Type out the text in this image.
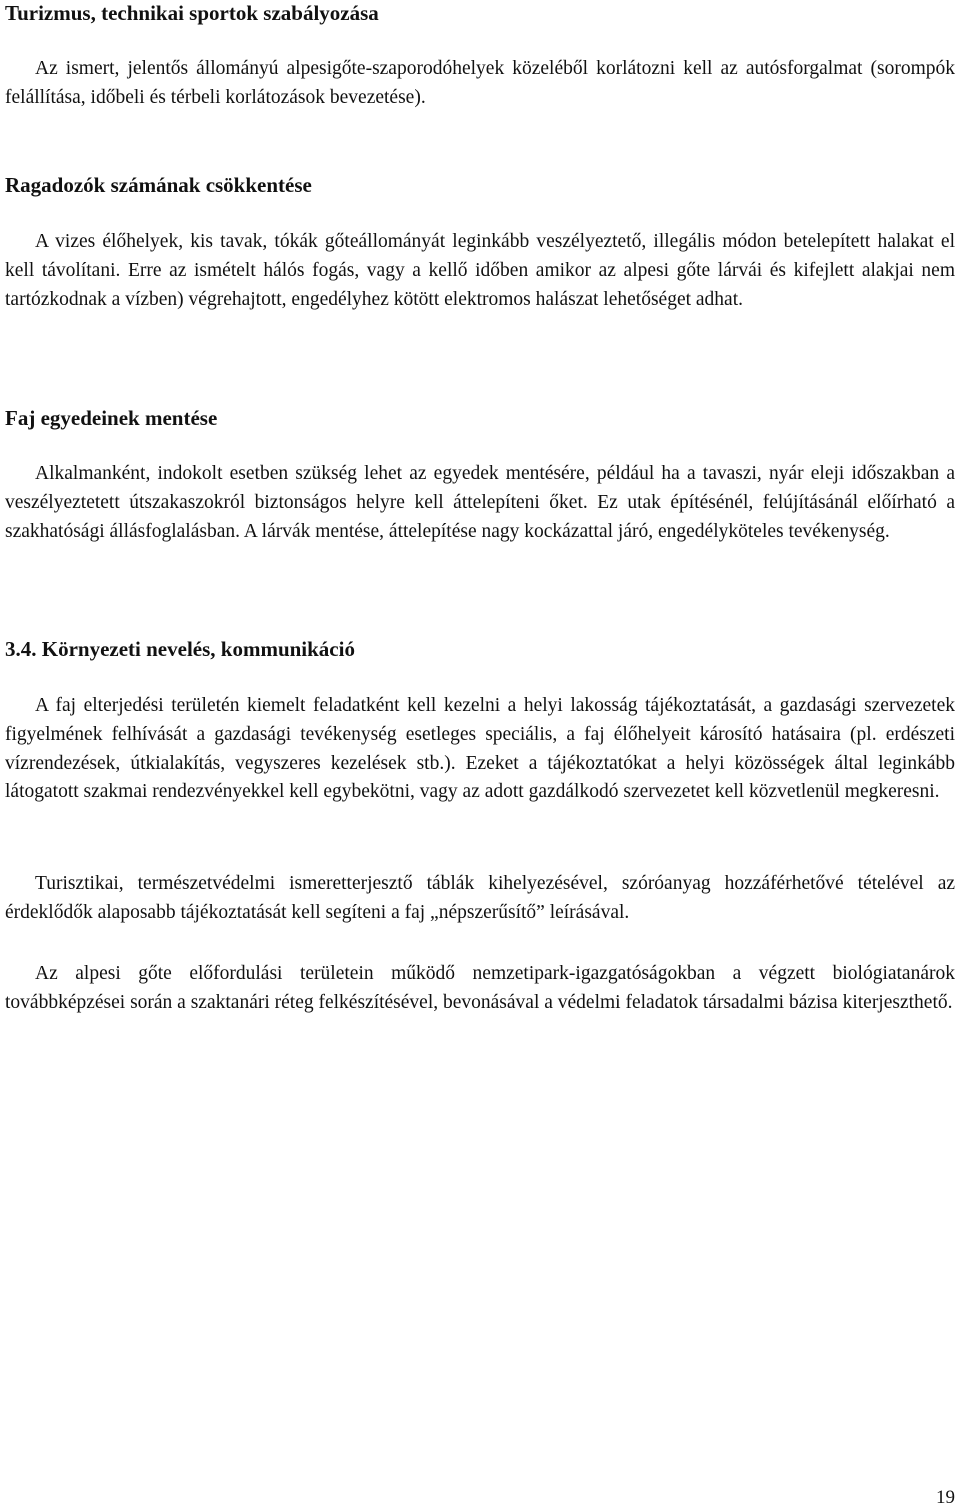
Turizmus, technikai sportok szabályozása

Az ismert, jelentős állományú alpesigőte-szaporodóhelyek közeléből korlátozni kell az autósforgalmat (sorompók felállítása, időbeli és térbeli korlátozások bevezetése).

Ragadozók számának csökkentése

A vizes élőhelyek, kis tavak, tókák gőteállományát leginkább veszélyeztető, illegális módon betelepített halakat el kell távolítani. Erre az ismételt hálós fogás, vagy a kellő időben amikor az alpesi gőte lárvái és kifejlett alakjai nem tartózkodnak a vízben) végrehajtott, engedélyhez kötött elektromos halászat lehetőséget adhat.

Faj egyedeinek mentése

Alkalmanként, indokolt esetben szükség lehet az egyedek mentésére, például ha a tavaszi, nyár eleji időszakban a veszélyeztetett útszakaszokról biztonságos helyre kell áttelepíteni őket. Ez utak építésénél, felújításánál előírható a szakhatósági állásfoglalásban. A lárvák mentése, áttelepítése nagy kockázattal járó, engedélyköteles tevékenység.

3.4. Környezeti nevelés, kommunikáció

A faj elterjedési területén kiemelt feladatként kell kezelni a helyi lakosság tájékoztatását, a gazdasági szervezetek figyelmének felhívását a gazdasági tevékenység esetleges speciális, a faj élőhelyeit károsító hatásaira (pl. erdészeti vízrendezések, útkialakítás, vegyszeres kezelések stb.). Ezeket a tájékoztatókat a helyi közösségek által leginkább látogatott szakmai rendezvényekkel kell egybekötni, vagy az adott gazdálkodó szervezetet kell közvetlenül megkeresni.

Turisztikai, természetvédelmi ismeretterjesztő táblák kihelyezésével, szóróanyag hozzáférhetővé tételével az érdeklődők alaposabb tájékoztatását kell segíteni a faj „népszerűsítő” leírásával.

Az alpesi gőte előfordulási területein működő nemzetipark-igazgatóságokban a végzett biológiatanárok továbbképzései során a szaktanári réteg felkészítésével, bevonásával a védelmi feladatok társadalmi bázisa kiterjeszthető.

19
